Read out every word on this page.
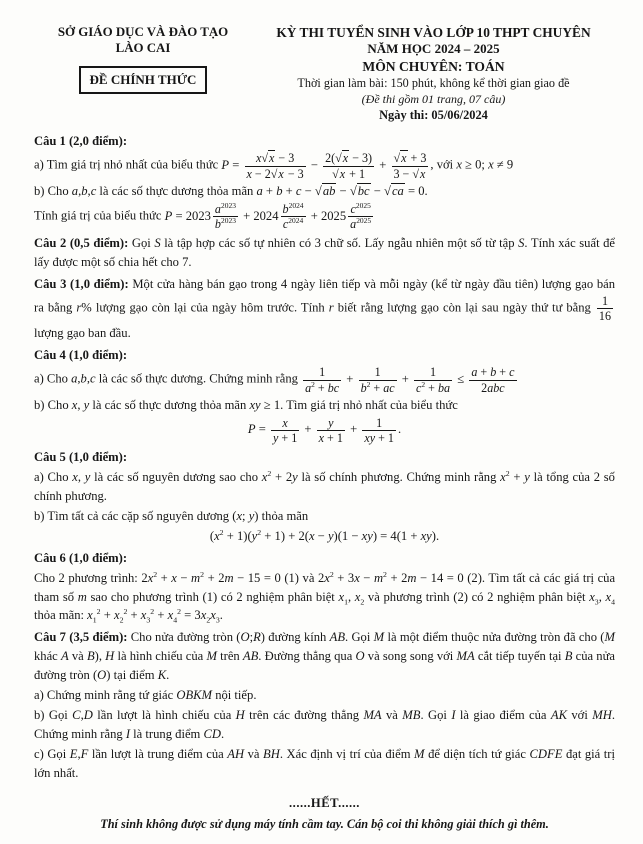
SỞ GIÁO DỤC VÀ ĐÀO TẠO
LÀO CAI
ĐỀ CHÍNH THỨC
KỲ THI TUYỂN SINH VÀO LỚP 10 THPT CHUYÊN
NĂM HỌC 2024 – 2025
MÔN CHUYÊN: TOÁN
Thời gian làm bài: 150 phút, không kể thời gian giao đề
(Đề thi gồm 01 trang, 07 câu)
Ngày thi: 05/06/2024
Câu 1 (2,0 điểm):
a) Tìm giá trị nhỏ nhất của biểu thức $P = \frac{x√x - 3}{x - 2√x - 3} - \frac{2(√x - 3)}{√x + 1} + \frac{√x + 3}{3 - √x}$ , với x ≥ 0; x ≠ 9
b) Cho a,b,c là các số thực dương thỏa mãn a + b + c − √ab − √bc − √ca = 0.
Tính giá trị của biểu thức $P = 2023 \frac{a^{2023}}{b^{2023}} + 2024 \frac{b^{2024}}{c^{2024}} + 2025 \frac{c^{2025}}{a^{2025}}$
Câu 2 (0,5 điểm): Gọi S là tập hợp các số tự nhiên có 3 chữ số. Lấy ngẫu nhiên một số từ tập S. Tính xác suất để lấy được một số chia hết cho 7.
Câu 3 (1,0 điểm): Một cửa hàng bán gạo trong 4 ngày liên tiếp và mỗi ngày (kể từ ngày đầu tiên) lượng gạo bán ra bằng r% lượng gạo còn lại của ngày hôm trước. Tính r biết rằng lượng gạo còn lại sau ngày thứ tư bằng $\frac{1}{16}$
lượng gạo ban đầu.
Câu 4 (1,0 điểm):
a) Cho a,b,c là các số thực dương. Chứng minh rằng $\frac{1}{a^2 + bc} + \frac{1}{b^2 + ac} + \frac{1}{c^2 + ba} \le \frac{a + b + c}{\text{2abc}}$
b) Cho x, y là các số thực dương thỏa mãn xy ≥ 1. Tìm giá trị nhỏ nhất của biểu thức
$P = \frac{x}{y + 1} + \frac{y}{x + 1} + \frac{1}{xy + 1}$ .
Câu 5 (1,0 điểm):
a) Cho x, y là các số nguyên dương sao cho $x^2 + 2y$ là số chính phương. Chứng minh rằng $x^2 + y$ là tổng của 2 số chính phương.
b) Tìm tất cả các cặp số nguyên dương (x; y) thỏa mãn
$(x^2 + 1)(y^2 + 1) + 2(x - y)(1 - xy) = 4(1 + xy)$.
Câu 6 (1,0 điểm):
Cho 2 phương trình: $2x^2 + x - m^2 + 2m - 15 = 0$ (1) và $2x^2 + 3x - m^2 + 2m - 14 = 0$ (2). Tìm tất cả các giá trị của tham số m sao cho phương trình (1) có 2 nghiệm phân biệt $x_1$, $x_2$ và phương trình (2) có 2 nghiệm phân biệt $x_3$, $x_4$ thỏa mãn: $x_1^2 + x_2^2 + x_3^2 + x_4^2 = 3x_2x_3$.
Câu 7 (3,5 điểm): Cho nửa đường tròn (O;R) đường kính AB. Gọi M là một điểm thuộc nửa đường tròn đã cho (M khác A và B), H là hình chiếu của M trên AB. Đường thẳng qua O và song song với MA cắt tiếp tuyến tại B của nửa đường tròn (O) tại điểm K.
a) Chứng minh rằng tứ giác OBKM nội tiếp.
b) Gọi C,D lần lượt là hình chiếu của H trên các đường thẳng MA và MB. Gọi I là giao điểm của AK với MH. Chứng minh rằng I là trung điểm CD.
c) Gọi E,F lần lượt là trung điểm của AH và BH. Xác định vị trí của điểm M để diện tích tứ giác CDFE đạt giá trị lớn nhất.
......HẾT......
Thí sinh không được sử dụng máy tính cầm tay. Cán bộ coi thi không giải thích gì thêm.
